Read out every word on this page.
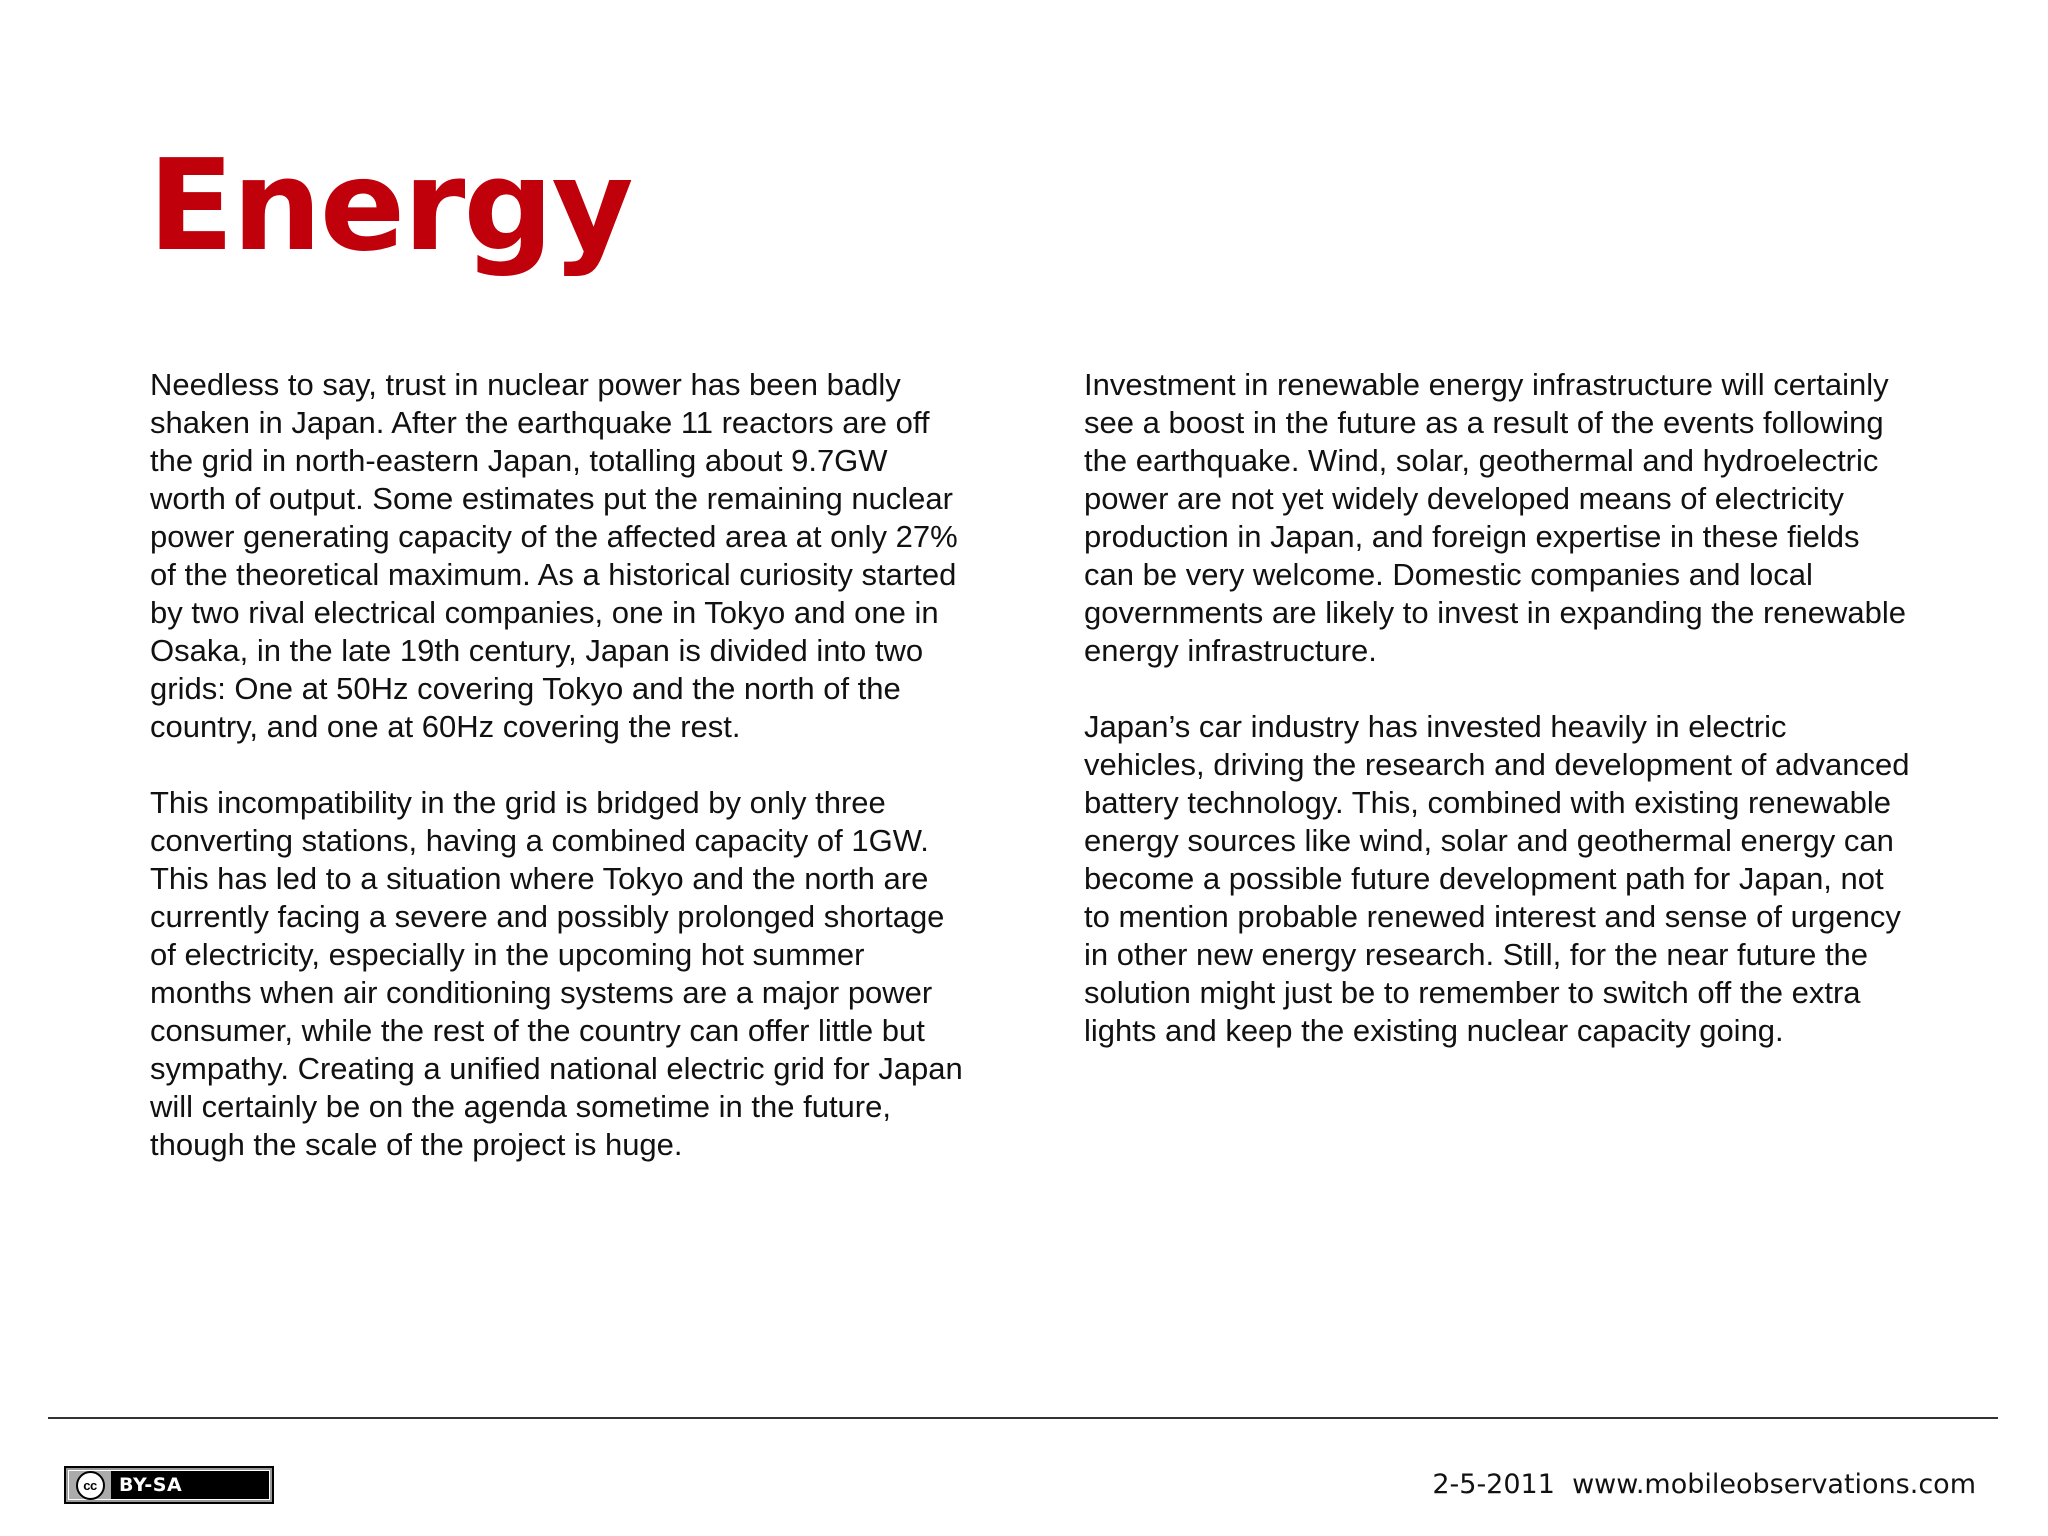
Energy

Needless to say, trust in nuclear power has been badly shaken in Japan. After the earthquake 11 reactors are off the grid in north-eastern Japan, totalling about 9.7GW worth of output. Some estimates put the remaining nuclear power generating capacity of the affected area at only 27% of the theoretical maximum. As a historical curiosity started by two rival electrical companies, one in Tokyo and one in Osaka, in the late 19th century, Japan is divided into two grids: One at 50Hz covering Tokyo and the north of the country, and one at 60Hz covering the rest.

This incompatibility in the grid is bridged by only three converting stations, having a combined capacity of 1GW. This has led to a situation where Tokyo and the north are currently facing a severe and possibly prolonged shortage of electricity, especially in the upcoming hot summer months when air conditioning systems are a major power consumer, while the rest of the country can offer little but sympathy. Creating a unified national electric grid for Japan will certainly be on the agenda sometime in the future, though the scale of the project is huge.

Investment in renewable energy infrastructure will certainly see a boost in the future as a result of the events following the earthquake. Wind, solar, geothermal and hydroelectric power are not yet widely developed means of electricity production in Japan, and foreign expertise in these fields can be very welcome. Domestic companies and local governments are likely to invest in expanding the renewable energy infrastructure.

Japan’s car industry has invested heavily in electric vehicles, driving the research and development of advanced battery technology. This, combined with existing renewable energy sources like wind, solar and geothermal energy can become a possible future development path for Japan, not to mention probable renewed interest and sense of urgency in other new energy research. Still, for the near future the solution might just be to remember to switch off the extra lights and keep the existing nuclear capacity going.

cc	BY-SA	2-5-2011 www.mobileobservations.com
